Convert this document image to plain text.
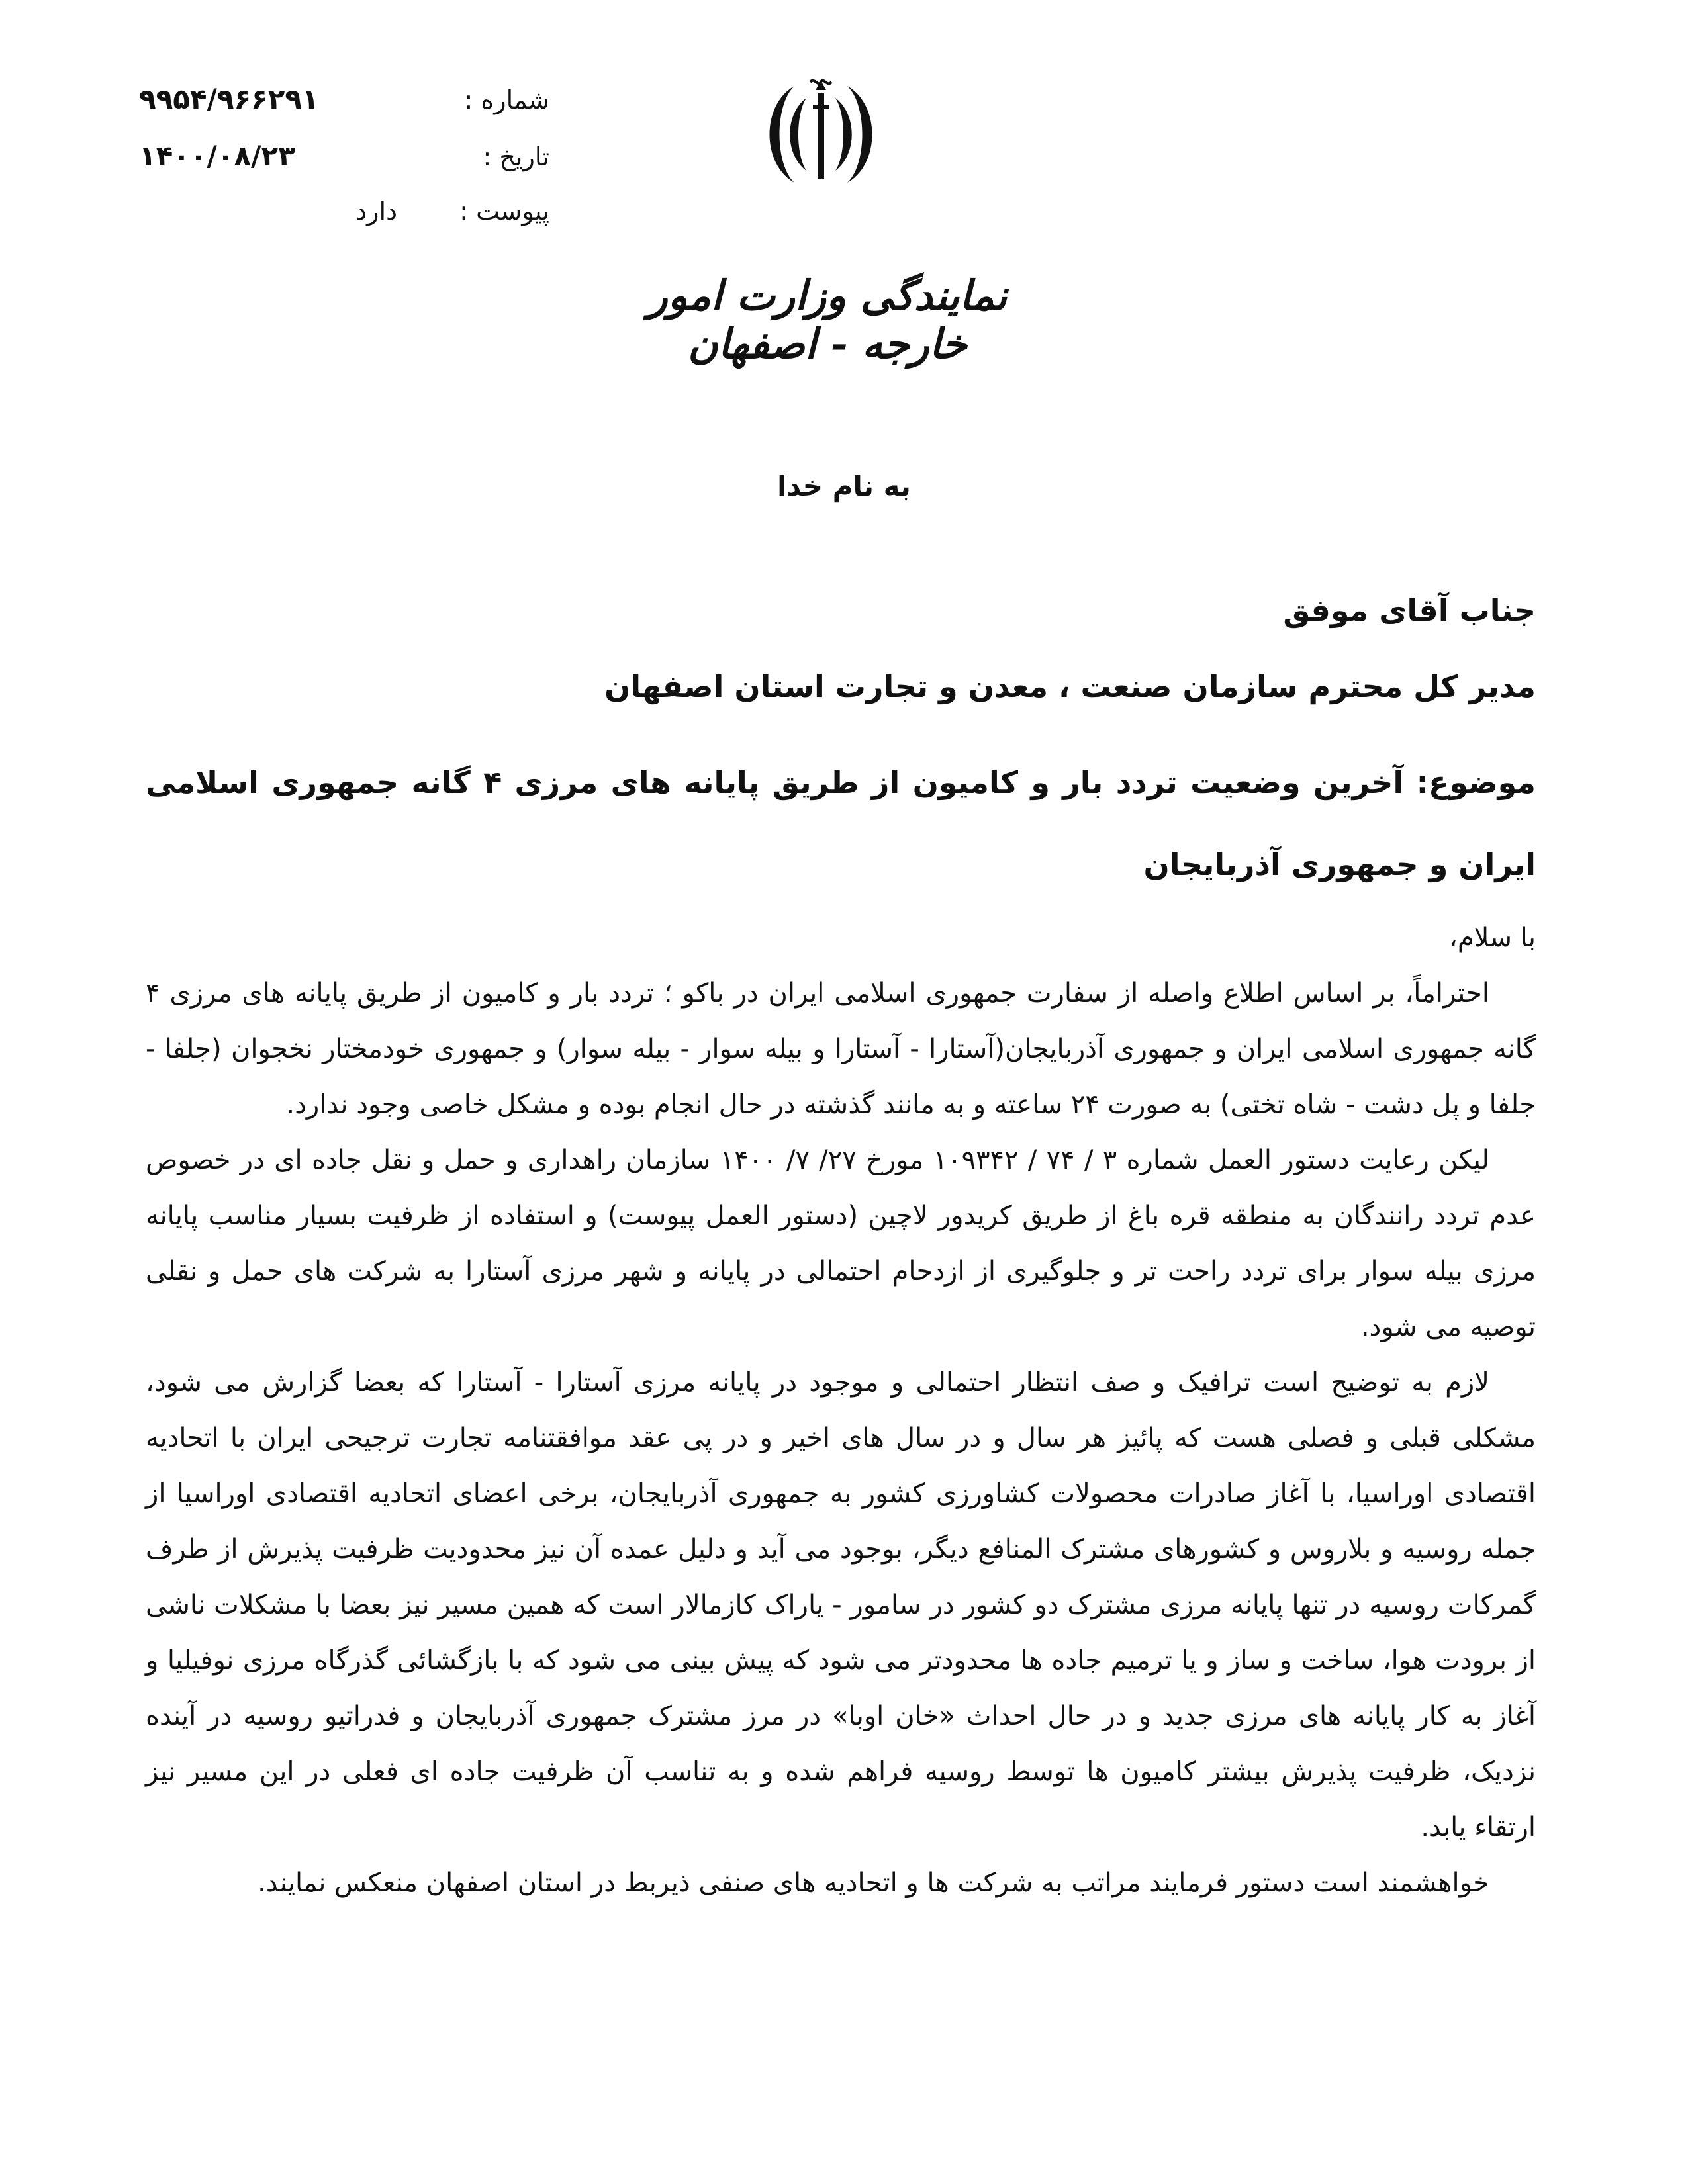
شماره :
۹۹۵۴/۹۶۶۲۹۱
تاریخ :
۱۴۰۰/۰۸/۲۳
پیوست :
دارد
نمایندگی وزارت امور خارجه - اصفهان
به نام خدا
جناب آقای موفق
مدیر کل محترم سازمان صنعت ، معدن و تجارت استان اصفهان
موضوع: آخرین وضعیت تردد بار و کامیون از طریق پایانه های مرزی ۴ گانه جمهوری اسلامی ایران و جمهوری آذربایجان

با سلام،

احتراماً، بر اساس اطلاع واصله از سفارت جمهوری اسلامی ایران در باکو ؛ تردد بار و کامیون از طریق پایانه های مرزی ۴ گانه جمهوری اسلامی ایران و جمهوری آذربایجان(آستارا - آستارا و بیله سوار - بیله سوار) و جمهوری خودمختار نخجوان (جلفا - جلفا و پل دشت - شاه تختی) به صورت ۲۴ ساعته و به مانند گذشته در حال انجام بوده و مشکل خاصی وجود ندارد.

لیکن رعایت دستور العمل شماره ۳ / ۷۴ / ۱۰۹۳۴۲ مورخ ۲۷/ ۷/ ۱۴۰۰ سازمان راهداری و حمل و نقل جاده ای در خصوص عدم تردد رانندگان به منطقه قره باغ از طریق کریدور لاچین (دستور العمل پیوست) و استفاده از ظرفیت بسیار مناسب پایانه مرزی بیله سوار برای تردد راحت تر و جلوگیری از ازدحام احتمالی در پایانه و شهر مرزی آستارا به شرکت های حمل و نقلی توصیه می شود.

لازم به توضیح است ترافیک و صف انتظار احتمالی و موجود در پایانه مرزی آستارا - آستارا که بعضا گزارش می شود، مشکلی قبلی و فصلی هست که پائیز هر سال و در سال های اخیر و در پی عقد موافقتنامه تجارت ترجیحی ایران با اتحادیه اقتصادی اوراسیا، با آغاز صادرات محصولات کشاورزی کشور به جمهوری آذربایجان، برخی اعضای اتحادیه اقتصادی اوراسیا از جمله روسیه و بلاروس و کشورهای مشترک المنافع دیگر، بوجود می آید و دلیل عمده آن نیز محدودیت ظرفیت پذیرش از طرف گمرکات روسیه در تنها پایانه مرزی مشترک دو کشور در سامور - یاراک کازمالار است که همین مسیر نیز بعضا با مشکلات ناشی از برودت هوا، ساخت و ساز و یا ترمیم جاده ها محدودتر می شود که پیش بینی می شود که با بازگشائی گذرگاه مرزی نوفیلیا و آغاز به کار پایانه های مرزی جدید و در حال احداث «خان اوبا» در مرز مشترک جمهوری آذربایجان و فدراتیو روسیه در آینده نزدیک، ظرفیت پذیرش بیشتر کامیون ها توسط روسیه فراهم شده و به تناسب آن ظرفیت جاده ای فعلی در این مسیر نیز ارتقاء یابد.

خواهشمند است دستور فرمایند مراتب به شرکت ها و اتحادیه های صنفی ذیربط در استان اصفهان منعکس نمایند.
